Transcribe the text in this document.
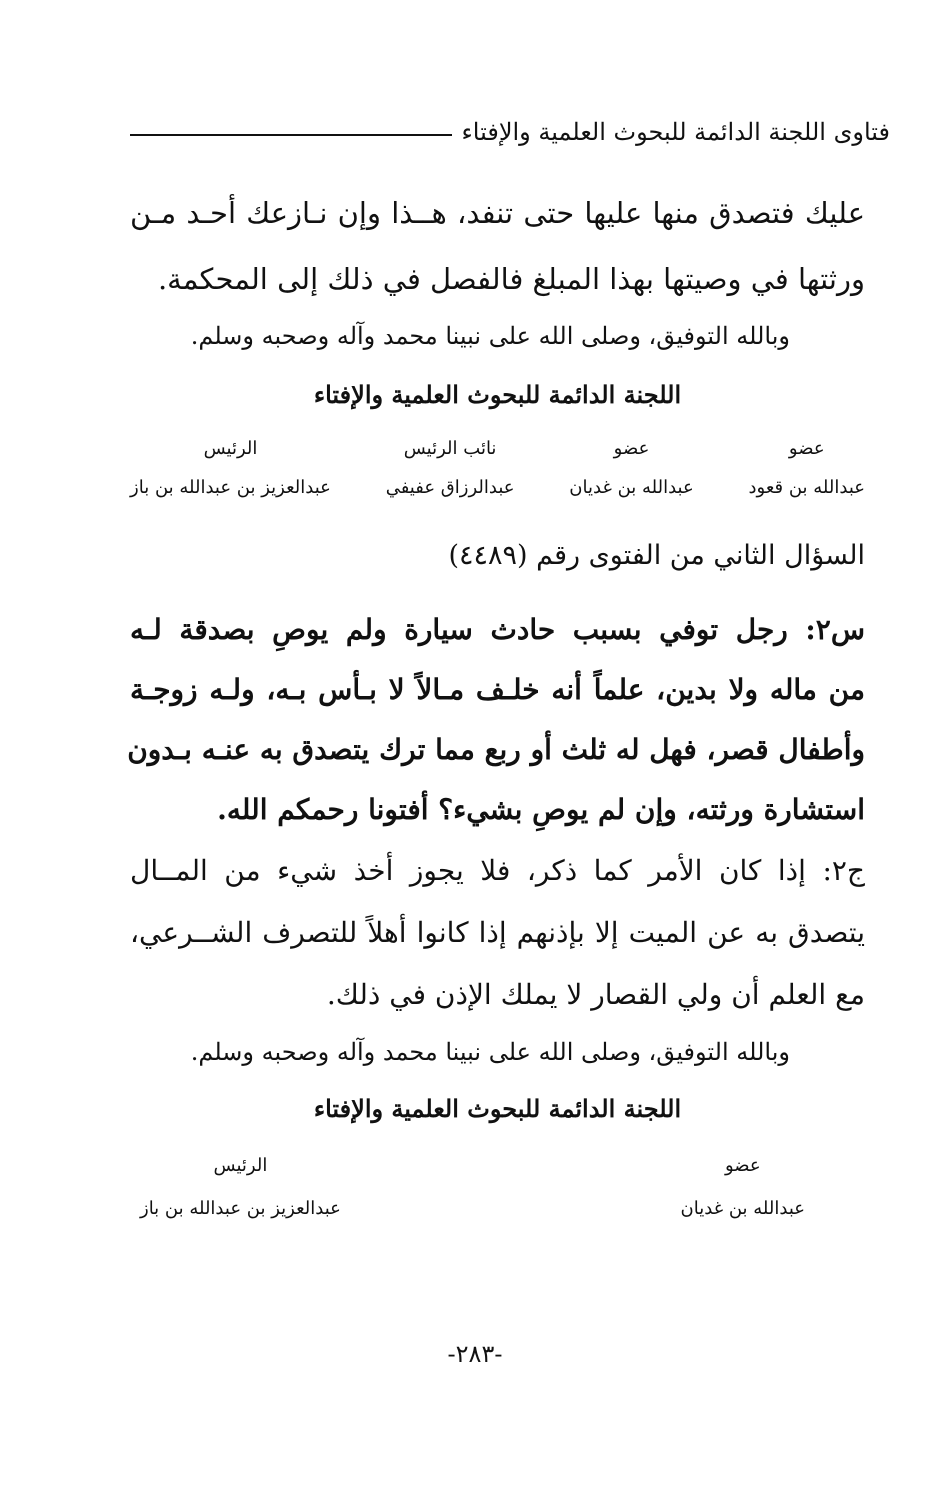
فتاوى اللجنة الدائمة للبحوث العلمية والإفتاء
عليك فتصدق منها عليها حتى تنفد، هــذا وإن نـازعك أحـد مـن
ورثتها في وصيتها بهذا المبلغ فالفصل في ذلك إلى المحكمة.
وبالله التوفيق، وصلى الله على نبينا محمد وآله وصحبه وسلم.
اللجنة الدائمة للبحوث العلمية والإفتاء
عضو
عبدالله بن قعود
عضو
عبدالله بن غديان
نائب الرئيس
عبدالرزاق عفيفي
الرئيس
عبدالعزيز بن عبدالله بن باز
السؤال الثاني من الفتوى رقم (٤٤٨٩)
س٢: رجل توفي بسبب حادث سيارة ولم يوصِ بصدقة لـه
من ماله ولا بدين، علماً أنه خلـف مـالاً لا بـأس بـه، ولـه زوجـة
وأطفال قصر، فهل له ثلث أو ربع مما ترك يتصدق به عنـه بـدون
استشارة ورثته، وإن لم يوصِ بشيء؟ أفتونا رحمكم الله.
ج٢: إذا كان الأمر كما ذكر، فلا يجوز أخذ شيء من المــال
يتصدق به عن الميت إلا بإذنهم إذا كانوا أهلاً للتصرف الشــرعي،
مع العلم أن ولي القصار لا يملك الإذن في ذلك.
وبالله التوفيق، وصلى الله على نبينا محمد وآله وصحبه وسلم.
اللجنة الدائمة للبحوث العلمية والإفتاء
عضو
عبدالله بن غديان
الرئيس
عبدالعزيز بن عبدالله بن باز
-٢٨٣-
